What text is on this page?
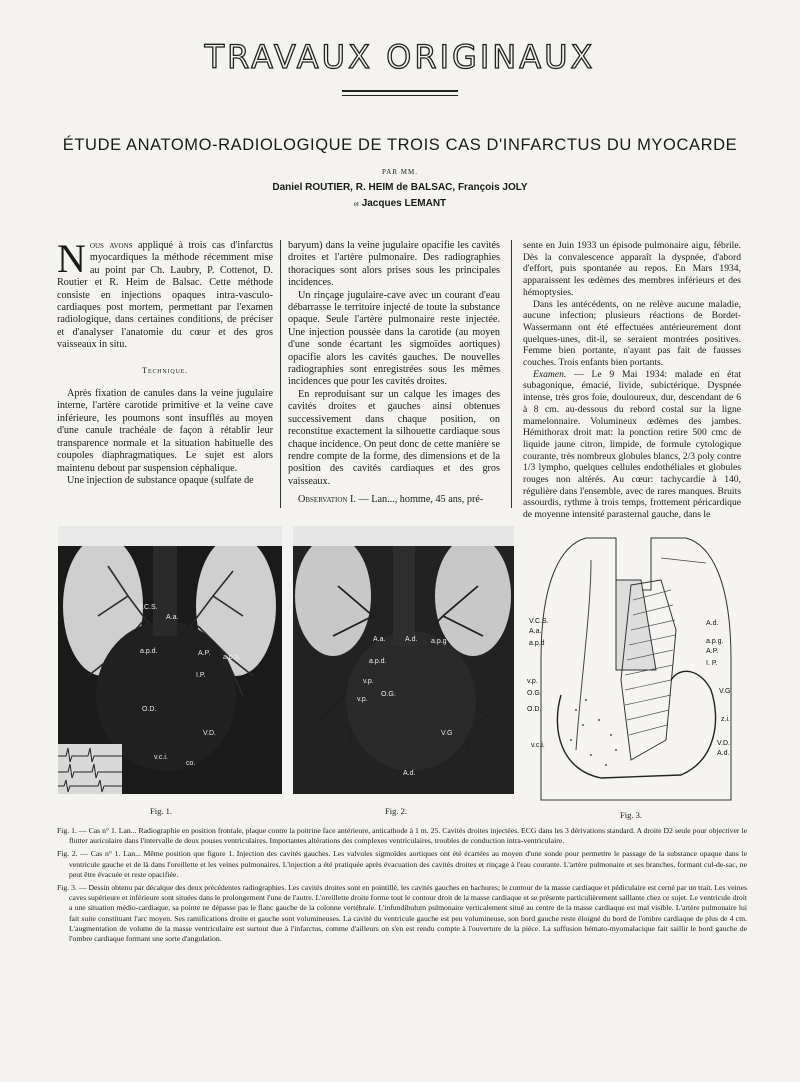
TRAVAUX ORIGINAUX
ÉTUDE ANATOMO-RADIOLOGIQUE DE TROIS CAS D'INFARCTUS DU MYOCARDE
PAR MM.
Daniel ROUTIER, R. HEIM de BALSAC, François JOLY
et Jacques LEMANT

Nous avons appliqué à trois cas d'infarctus myocardiques la méthode récemment mise au point par Ch. Laubry, P. Cottenot, D. Routier et R. Heim de Balsac. Cette méthode consiste en injections opaques intra-vasculo-cardiaques post mortem, permettant par l'examen radiologique, dans certaines conditions, de préciser et d'analyser l'anatomie du cœur et des gros vaisseaux in situ.

Technique.

Après fixation de canules dans la veine jugulaire interne, l'artère carotide primitive et la veine cave inférieure, les poumons sont insufflés au moyen d'une canule trachéale de façon à rétablir leur transparence normale et la situation habituelle des coupoles diaphragmatiques. Le sujet est alors maintenu debout par suspension céphalique.

Une injection de substance opaque (sulfate de

baryum) dans la veine jugulaire opacifie les cavités droites et l'artère pulmonaire. Des radiographies thoraciques sont alors prises sous les principales incidences.

Un rinçage jugulaire-cave avec un courant d'eau débarrasse le territoire injecté de toute la substance opaque. Seule l'artère pulmonaire reste injectée. Une injection poussée dans la carotide (au moyen d'une sonde écartant les sigmoïdes aortiques) opacifie alors les cavités gauches. De nouvelles radiographies sont enregistrées sous les mêmes incidences que pour les cavités droites.

En reproduisant sur un calque les images des cavités droites et gauches ainsi obtenues successivement dans chaque position, on reconstitue exactement la silhouette cardiaque sous chaque incidence. On peut donc de cette manière se rendre compte de la forme, des dimensions et de la position des cavités cardiaques et des gros vaisseaux.

Observation I. — Lan..., homme, 45 ans, pré-

sente en Juin 1933 un épisode pulmonaire aigu, fébrile. Dès la convalescence apparaît la dyspnée, d'abord d'effort, puis spontanée au repos. En Mars 1934, apparaissent les œdèmes des membres inférieurs et des hémoptysies.

Dans les antécédents, on ne relève aucune maladie, aucune infection; plusieurs réactions de Bordet-Wassermann ont été effectuées antérieurement dont quelques-unes, dit-il, se seraient montrées positives. Femme bien portante, n'ayant pas fait de fausses couches. Trois enfants bien portants.

Examen. — Le 9 Mai 1934: malade en état subagonique, émacié, livide, subictérique. Dyspnée intense, très gros foie, douloureux, dur, descendant de 6 à 8 cm. au-dessous du rebord costal sur la ligne mamelonnaire. Volumineux œdèmes des jambes. Hémithorax droit mat: la ponction retire 500 cmc de liquide jaune citron, limpide, de formule cytologique courante, très nombreux globules blancs, 2/3 poly contre 1/3 lympho, quelques cellules endothéliales et globules rouges non altérés. Au cœur: tachycardie à 140, régulière dans l'ensemble, avec de rares manques. Bruits assourdis, rythme à trois temps, frottement péricardique de moyenne intensité parasternal gauche, dans le

V.C.S.
A.a.
a.p.d.	A.P.
a.p.g.
I.P.
O.D.
V.D.
v.c.i.
co.
A.a.	A.d. a.p.g
a.p.d.
v.p.
v.p.
O.G.
V.G
A.d.
V.C.S.
A.a.
a.p.d
A.d.
a.p.g.
A.P.
I. P.
v.p.
O.G.
O.D.
V.G
z.i.
v.c.i.	V.D.
A.d.
Fig. 1.	Fig. 2.	Fig. 3.

Fig. 1. — Cas n° 1. Lan... Radiographie en position frontale, plaque contre la poitrine face antérieure, anticathode à 1 m. 25. Cavités droites injectées. ECG dans les 3 dérivations standard. A droite D2 seule pour objectiver le flutter auriculaire dans l'intervalle de deux pouses ventriculaires. Importantes altérations des complexes ventriculaires, troubles de conduction intra-ventriculaire.

Fig. 2. — Cas n° 1. Lan... Même position que figure 1. Injection des cavités gauches. Les valvules sigmoïdes aortiques ont été écartées au moyen d'une sonde pour permettre le passage de la substance opaque dans le ventricule gauche et de là dans l'oreillette et les veines pulmonaires. L'injection a été pratiquée après évacuation des cavités droites et rinçage à l'eau courante. L'artère pulmonaire et ses branches, formant cul-de-sac, ne peut être évacuée et reste opacifiée.

Fig. 3. — Dessin obtenu par décalque des deux précédentes radiographies. Les cavités droites sont en pointillé, les cavités gauches en hachures; le contour de la masse cardiaque et pédiculaire est cerné par un trait. Les veines caves supérieure et inférieure sont situées dans le prolongement l'une de l'autre. L'oreillette droite forme tout le contour droit de la masse cardiaque et se présente particulièrement saillante chez ce sujet. Le ventricule droit a une situation médio-cardiaque, sa pointe ne dépasse pas le flanc gauche de la colonne vertébrale. L'infundibulum pulmonaire verticalement situé au centre de la masse cardiaque est mal visible. L'artère pulmonaire lui fait suite constituant l'arc moyen. Ses ramifications droite et gauche sont volumineuses. La cavité du ventricule gauche est peu volumineuse, son bord gauche reste éloigné du bord de l'ombre cardiaque de plus de 4 cm. L'augmentation de volume de la masse ventriculaire est surtout due à l'infarctus, comme d'ailleurs on s'en est rendu compte à l'ouverture de la pièce. La suffusion hémato-myomalacique fait saillir le bord gauche de l'ombre cardiaque formant une sorte d'angulation.
